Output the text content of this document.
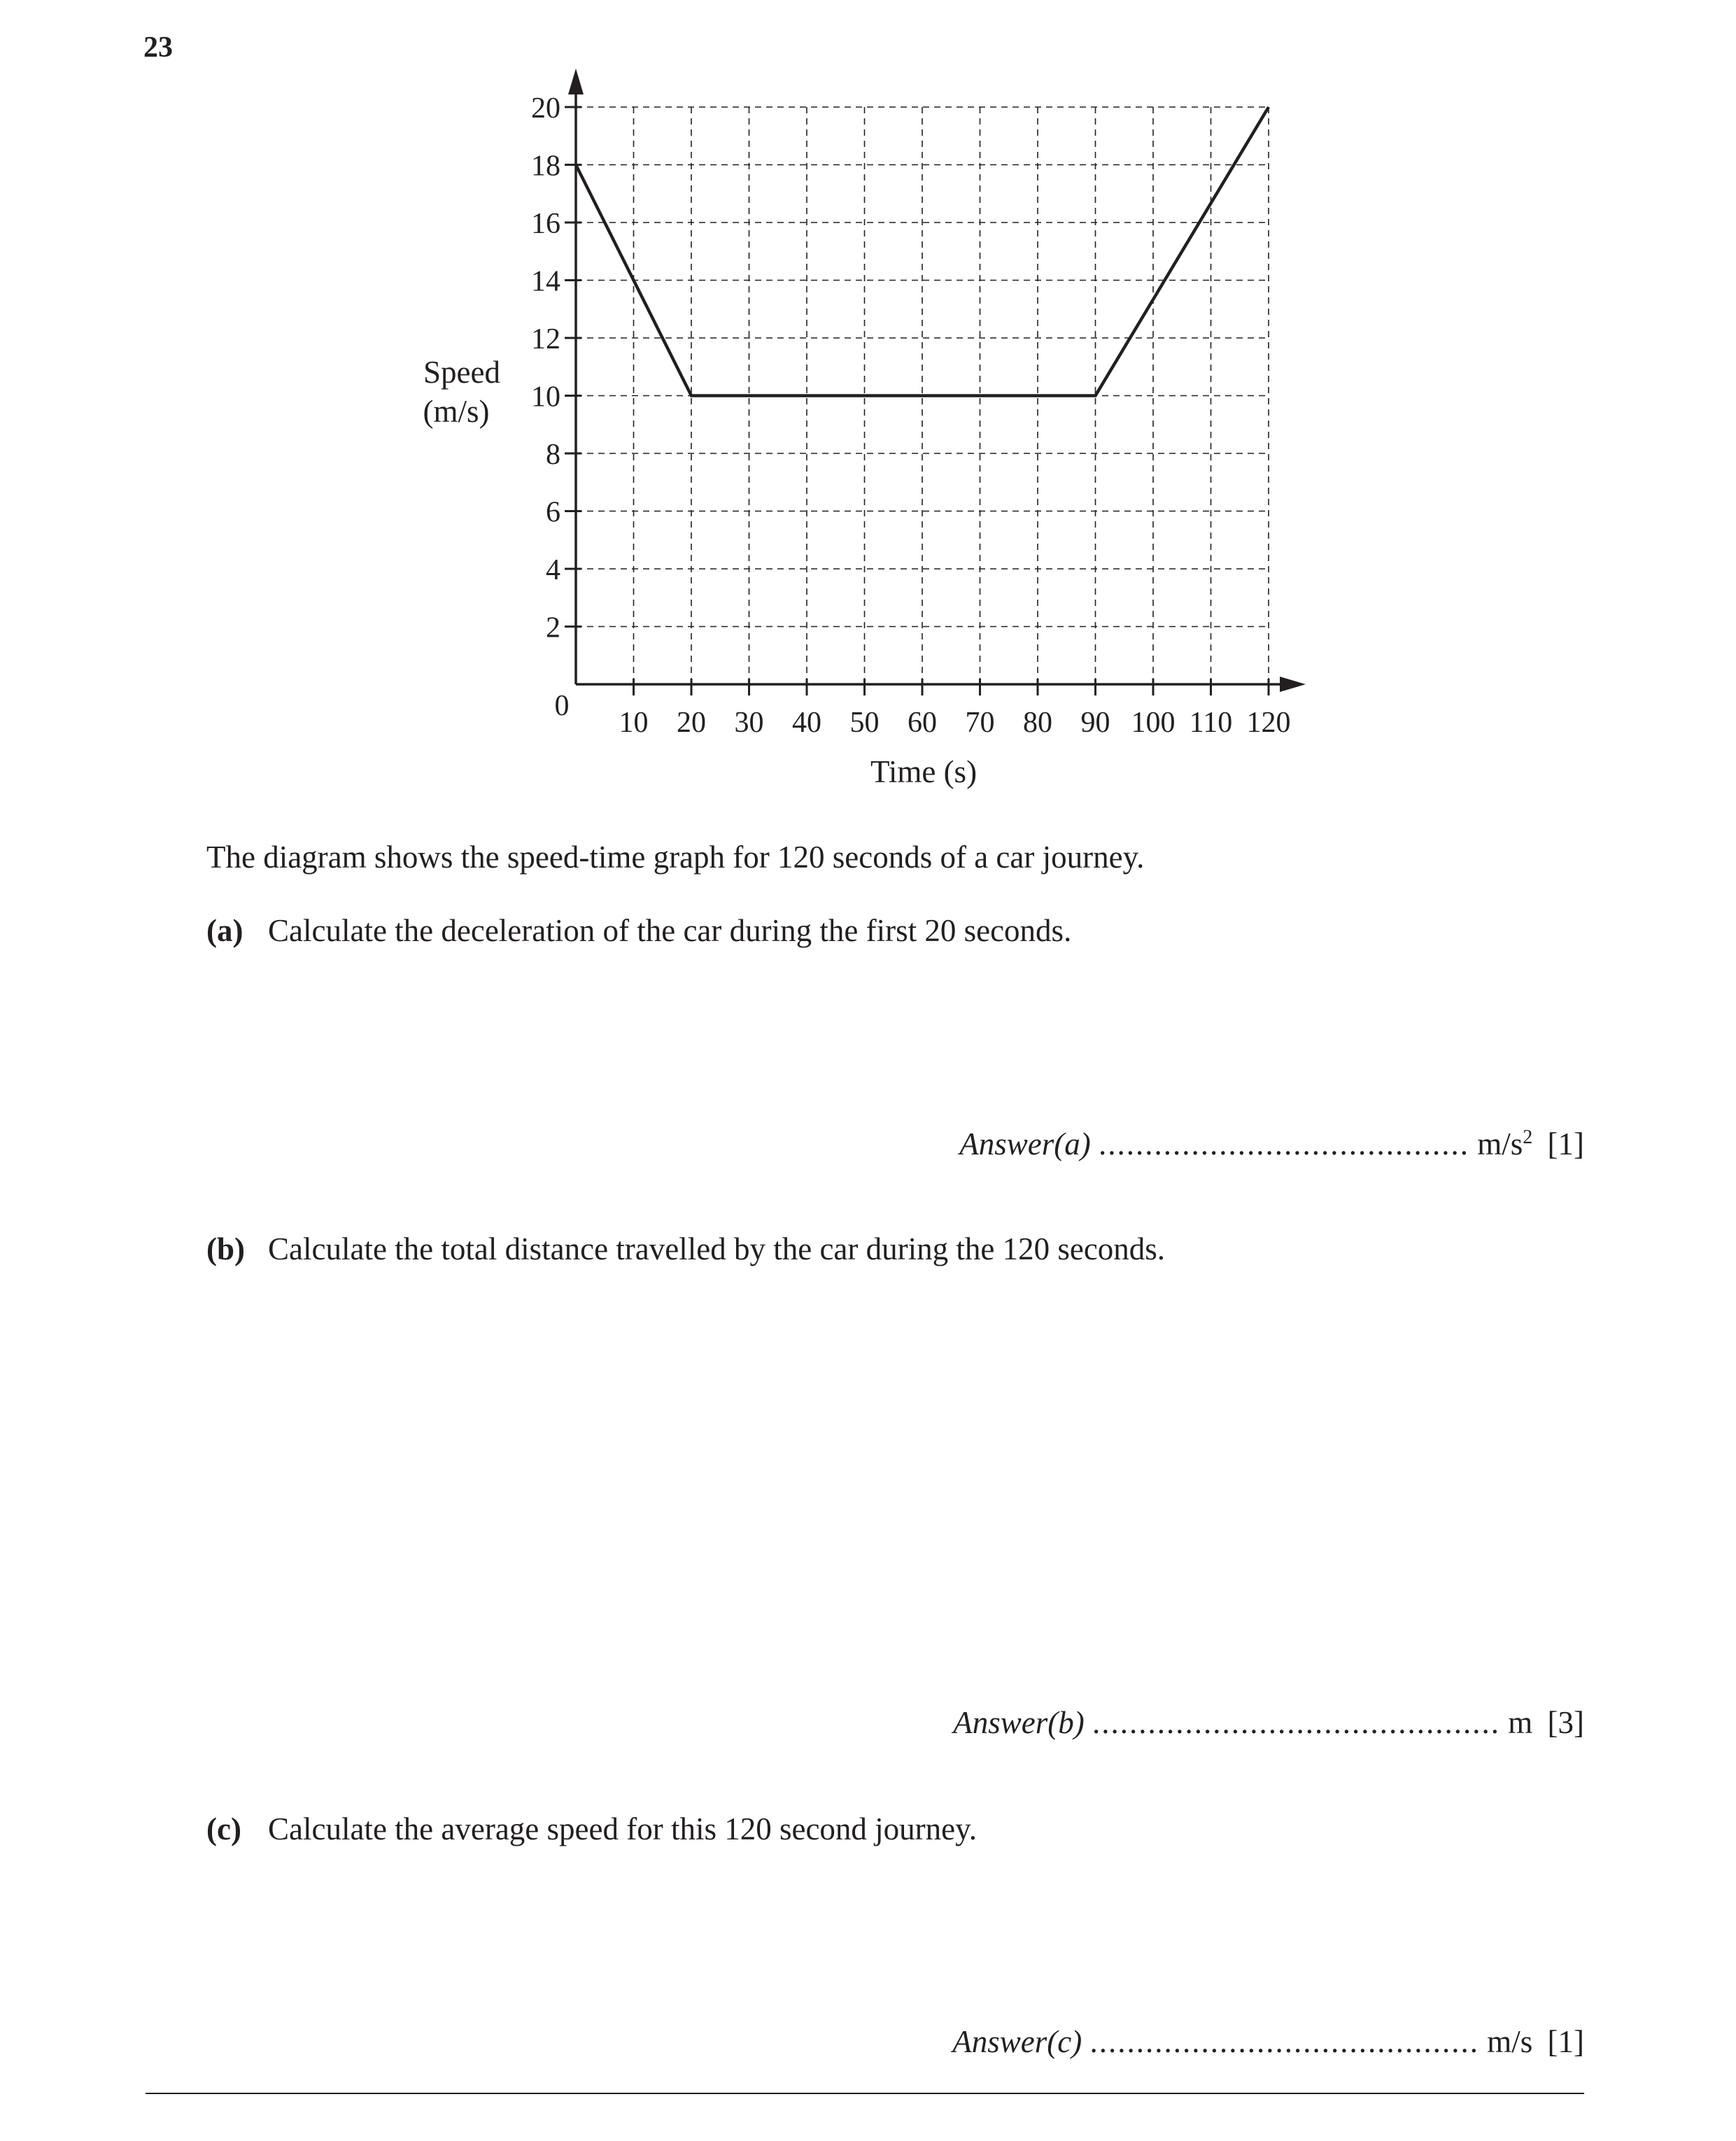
23
2
4
6
8
10
12
14
16
18
20
10 20 30 40 50 60 70 80 90 100 110 120
Speed
(m/s)
Time (s)
0
The diagram shows the speed-time graph for 120 seconds of a car journey.
(a) Calculate the deceleration of the car during the first 20 seconds.
Answer(a) ........................................ $m/s^2$ [1]
(b) Calculate the total distance travelled by the car during the 120 seconds.
Answer(b) ............................................ m [3]
(c) Calculate the average speed for this 120 second journey.
Answer(c) .......................................... m/s [1]
